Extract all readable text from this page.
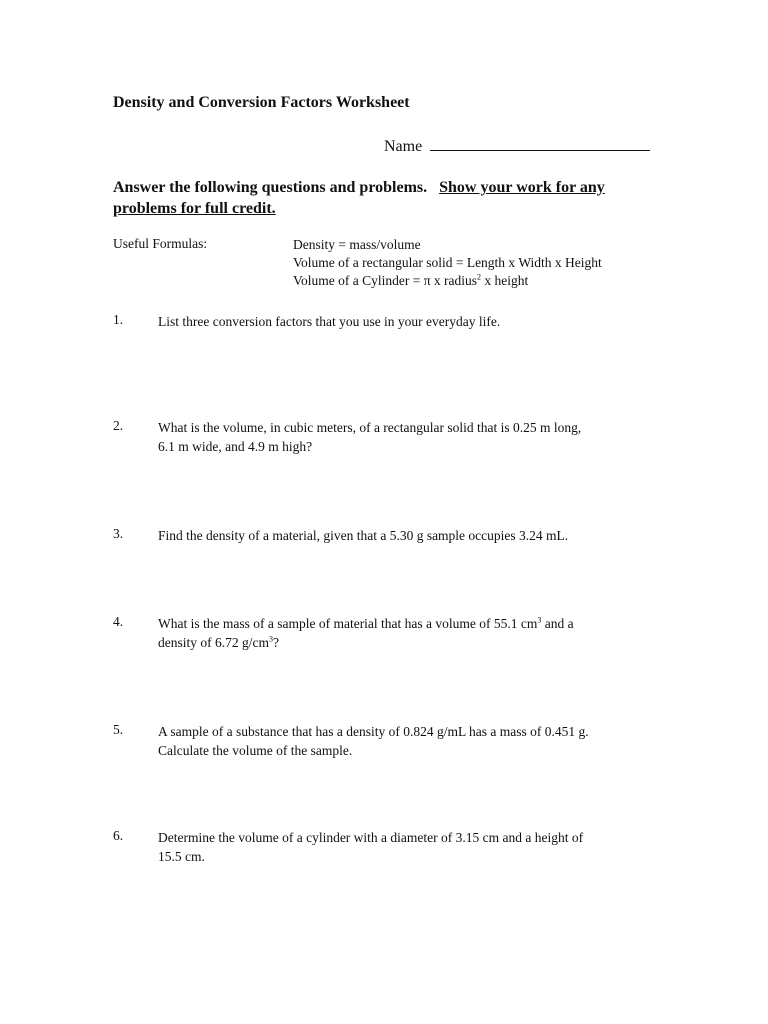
Density and Conversion Factors Worksheet
Name
Answer the following questions and problems. Show your work for any
problems for full credit.
Useful Formulas:	Density = mass/volume
Volume of a rectangular solid = Length x Width x Height
Volume of a Cylinder = π x radius$^2$ x height
1.	List three conversion factors that you use in your everyday life.
2.	What is the volume, in cubic meters, of a rectangular solid that is 0.25 m long,
6.1 m wide, and 4.9 m high?
3.	Find the density of a material, given that a 5.30 g sample occupies 3.24 mL.
4.	What is the mass of a sample of material that has a volume of 55.1 $cm^3$ and a
density of 6.72 $g/cm^3$?
5.	A sample of a substance that has a density of 0.824 g/mL has a mass of 0.451 g.
Calculate the volume of the sample.
6.	Determine the volume of a cylinder with a diameter of 3.15 cm and a height of
15.5 cm.
